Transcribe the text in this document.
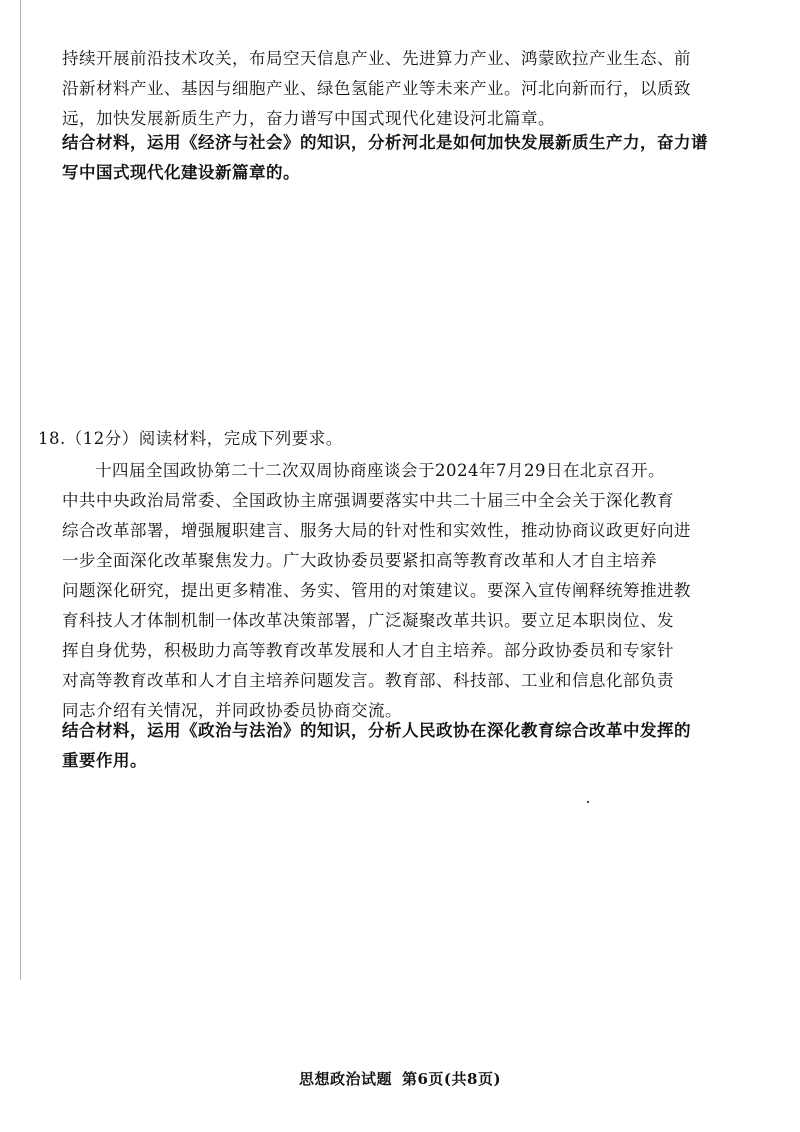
持续开展前沿技术攻关，布局空天信息产业、先进算力产业、鸿蒙欧拉产业生态、前
沿新材料产业、基因与细胞产业、绿色氢能产业等未来产业。河北向新而行，以质致
远，加快发展新质生产力，奋力谱写中国式现代化建设河北篇章。
结合材料，运用《经济与社会》的知识，分析河北是如何加快发展新质生产力，奋力谱
写中国式现代化建设新篇章的。
18.（12分）阅读材料，完成下列要求。
十四届全国政协第二十二次双周协商座谈会于2024年7月29日在北京召开。
中共中央政治局常委、全国政协主席强调要落实中共二十届三中全会关于深化教育
综合改革部署，增强履职建言、服务大局的针对性和实效性，推动协商议政更好向进
一步全面深化改革聚焦发力。广大政协委员要紧扣高等教育改革和人才自主培养
问题深化研究，提出更多精准、务实、管用的对策建议。要深入宣传阐释统筹推进教
育科技人才体制机制一体改革决策部署，广泛凝聚改革共识。要立足本职岗位、发
挥自身优势，积极助力高等教育改革发展和人才自主培养。部分政协委员和专家针
对高等教育改革和人才自主培养问题发言。教育部、科技部、工业和信息化部负责
同志介绍有关情况，并同政协委员协商交流。
结合材料，运用《政治与法治》的知识，分析人民政协在深化教育综合改革中发挥的
重要作用。
思想政治试题 第6页(共8页)
